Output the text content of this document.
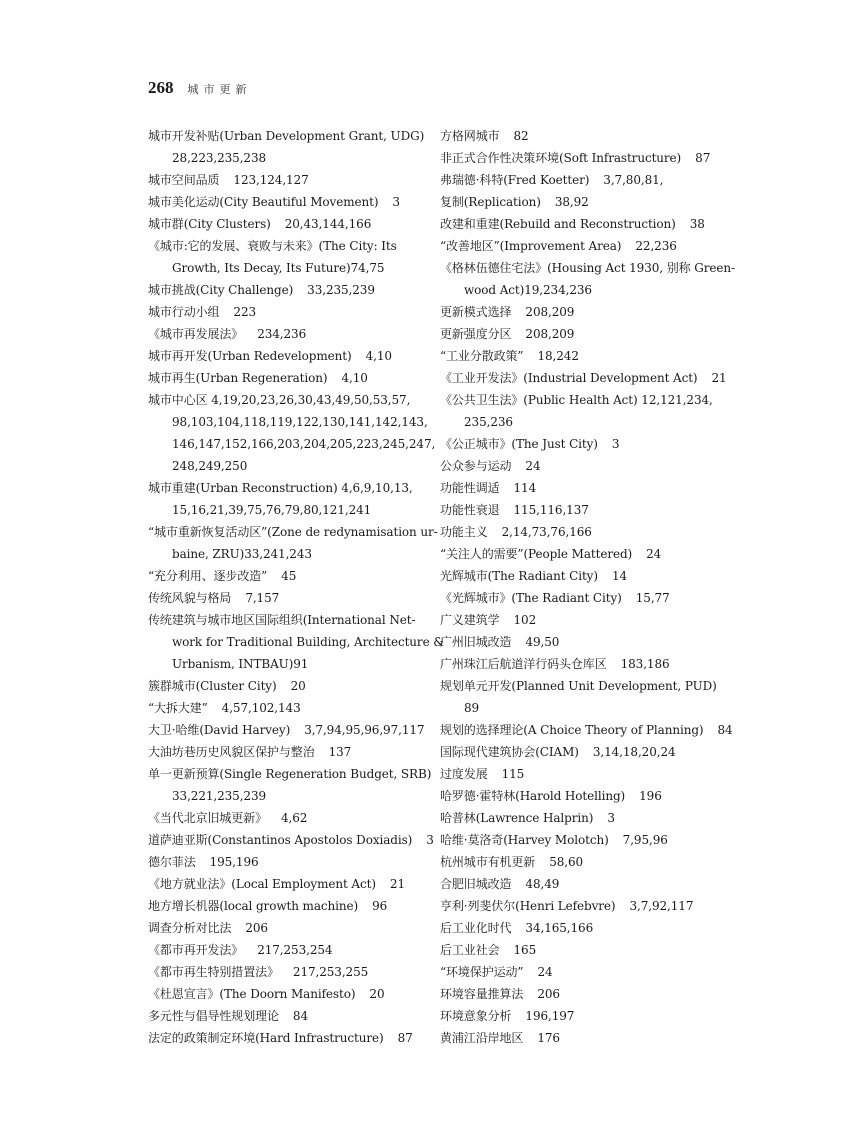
268 城市更新
城市开发补贴(Urban Development Grant, UDG)
28,223,235,238
城市空间品质 123,124,127
城市美化运动(City Beautiful Movement) 3
城市群(City Clusters) 20,43,144,166
《城市:它的发展、衰败与未来》(The City: Its
Growth, Its Decay, Its Future)74,75
城市挑战(City Challenge) 33,235,239
城市行动小组 223
《城市再发展法》 234,236
城市再开发(Urban Redevelopment) 4,10
城市再生(Urban Regeneration) 4,10
城市中心区 4,19,20,23,26,30,43,49,50,53,57,
98,103,104,118,119,122,130,141,142,143,
146,147,152,166,203,204,205,223,245,247,
248,249,250
城市重建(Urban Reconstruction) 4,6,9,10,13,
15,16,21,39,75,76,79,80,121,241
“城市重新恢复活动区”(Zone de redynamisation ur-
baine, ZRU)33,241,243
“充分利用、逐步改造” 45
传统风貌与格局 7,157
传统建筑与城市地区国际组织(International Net-
work for Traditional Building, Architecture &
Urbanism, INTBAU)91
簇群城市(Cluster City) 20
“大拆大建” 4,57,102,143
大卫·哈维(David Harvey) 3,7,94,95,96,97,117
大油坊巷历史风貌区保护与整治 137
单一更新预算(Single Regeneration Budget, SRB)
33,221,235,239
《当代北京旧城更新》 4,62
道萨迪亚斯(Constantinos Apostolos Doxiadis) 3
德尔菲法 195,196
《地方就业法》(Local Employment Act) 21
地方增长机器(local growth machine) 96
调查分析对比法 206
《都市再开发法》 217,253,254
《都市再生特别措置法》 217,253,255
《杜恩宣言》(The Doorn Manifesto) 20
多元性与倡导性规划理论 84
法定的政策制定环境(Hard Infrastructure) 87
方格网城市 82
非正式合作性决策环境(Soft Infrastructure) 87
弗瑞德·科特(Fred Koetter) 3,7,80,81,
复制(Replication) 38,92
改建和重建(Rebuild and Reconstruction) 38
“改善地区”(Improvement Area) 22,236
《格林伍德住宅法》(Housing Act 1930, 别称 Green-
wood Act)19,234,236
更新模式选择 208,209
更新强度分区 208,209
“工业分散政策” 18,242
《工业开发法》(Industrial Development Act) 21
《公共卫生法》(Public Health Act) 12,121,234,
235,236
《公正城市》(The Just City) 3
公众参与运动 24
功能性调适 114
功能性衰退 115,116,137
功能主义 2,14,73,76,166
“关注人的需要”(People Mattered) 24
光辉城市(The Radiant City) 14
《光辉城市》(The Radiant City) 15,77
广义建筑学 102
广州旧城改造 49,50
广州珠江后航道洋行码头仓库区 183,186
规划单元开发(Planned Unit Development, PUD)
89
规划的选择理论(A Choice Theory of Planning) 84
国际现代建筑协会(CIAM) 3,14,18,20,24
过度发展 115
哈罗德·霍特林(Harold Hotelling) 196
哈普林(Lawrence Halprin) 3
哈维·莫洛奇(Harvey Molotch) 7,95,96
杭州城市有机更新 58,60
合肥旧城改造 48,49
亨利·列斐伏尔(Henri Lefebvre) 3,7,92,117
后工业化时代 34,165,166
后工业社会 165
“环境保护运动” 24
环境容量推算法 206
环境意象分析 196,197
黄浦江沿岸地区 176
